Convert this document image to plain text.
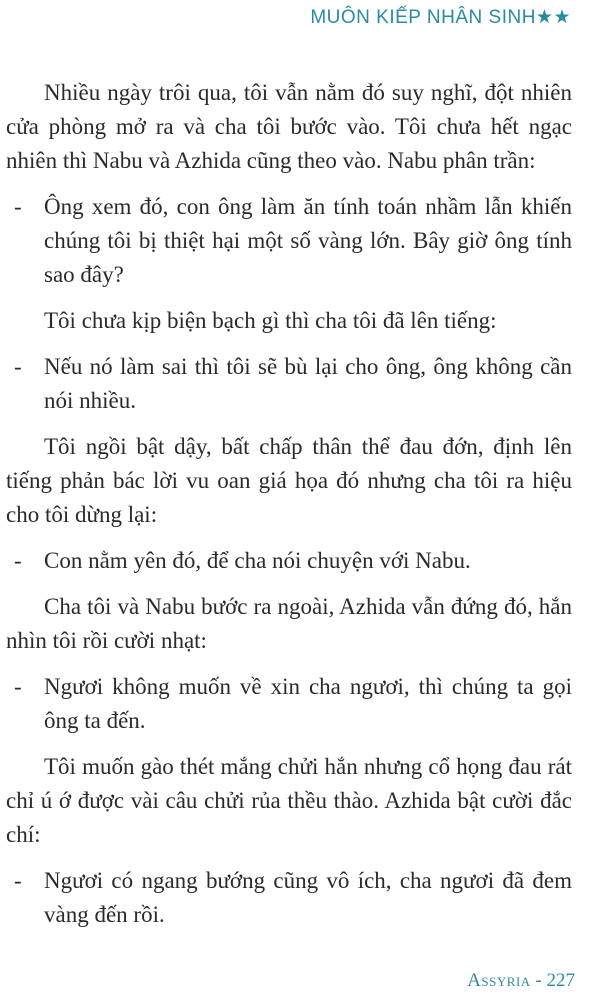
MUÔN KIẾP NHÂN SINH★★

Nhiều ngày trôi qua, tôi vẫn nằm đó suy nghĩ, đột nhiên cửa phòng mở ra và cha tôi bước vào. Tôi chưa hết ngạc nhiên thì Nabu và Azhida cũng theo vào. Nabu phân trần:

- Ông xem đó, con ông làm ăn tính toán nhầm lẫn khiến chúng tôi bị thiệt hại một số vàng lớn. Bây giờ ông tính sao đây?

Tôi chưa kịp biện bạch gì thì cha tôi đã lên tiếng:

- Nếu nó làm sai thì tôi sẽ bù lại cho ông, ông không cần nói nhiều.

Tôi ngồi bật dậy, bất chấp thân thể đau đớn, định lên tiếng phản bác lời vu oan giá họa đó nhưng cha tôi ra hiệu cho tôi dừng lại:

- Con nằm yên đó, để cha nói chuyện với Nabu.

Cha tôi và Nabu bước ra ngoài, Azhida vẫn đứng đó, hắn nhìn tôi rồi cười nhạt:

- Ngươi không muốn về xin cha ngươi, thì chúng ta gọi ông ta đến.

Tôi muốn gào thét mắng chửi hắn nhưng cổ họng đau rát chỉ ú ớ được vài câu chửi rủa thều thào. Azhida bật cười đắc chí:

- Ngươi có ngang bướng cũng vô ích, cha ngươi đã đem vàng đến rồi.
Assyria - 227
